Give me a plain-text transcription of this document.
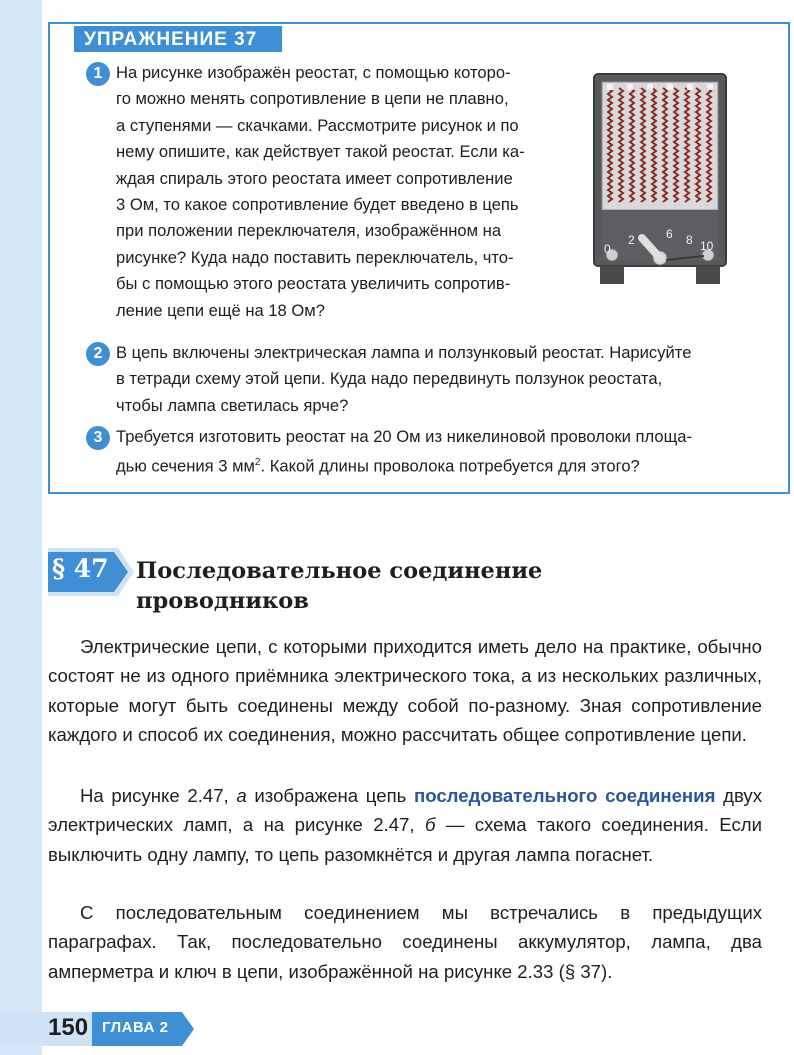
УПРАЖНЕНИЕ 37
1 На рисунке изображён реостат, с помощью которо-
го можно менять сопротивление в цепи не плавно,
а ступенями — скачками. Рассмотрите рисунок и по
нему опишите, как действует такой реостат. Если ка-
ждая спираль этого реостата имеет сопротивление
3 Ом, то какое сопротивление будет введено в цепь
при положении переключателя, изображённом на
рисунке? Куда надо поставить переключатель, что-
бы с помощью этого реостата увеличить сопротив-
ление цепи ещё на 18 Ом?
0
2	6 8 10
2 В цепь включены электрическая лампа и ползунковый реостат. Нарисуйте
в тетради схему этой цепи. Куда надо передвинуть ползунок реостата,
чтобы лампа светилась ярче?
3 Требуется изготовить реостат на 20 Ом из никелиновой проволоки площа-
дью сечения 3 $мм^2$. Какой длины проволока потребуется для этого?
§ 47 Последовательное соединение
проводников
Электрические цепи, с которыми приходится иметь дело на практике, обычно состоят не из одного приёмника электрического тока, а из нескольких различных, которые могут быть соединены между собой по-разному. Зная сопротивление каждого и способ их соединения, можно рассчитать общее сопротивление цепи.
На рисунке 2.47, а изображена цепь последовательного соединения двух электрических ламп, а на рисунке 2.47, б — схема такого соединения. Если выключить одну лампу, то цепь разомкнётся и другая лампа погаснет.
С последовательным соединением мы встречались в предыдущих параграфах. Так, последовательно соединены аккумулятор, лампа, два амперметра и ключ в цепи, изображённой на рисунке 2.33 (§ 37).
150 ГЛАВА 2
